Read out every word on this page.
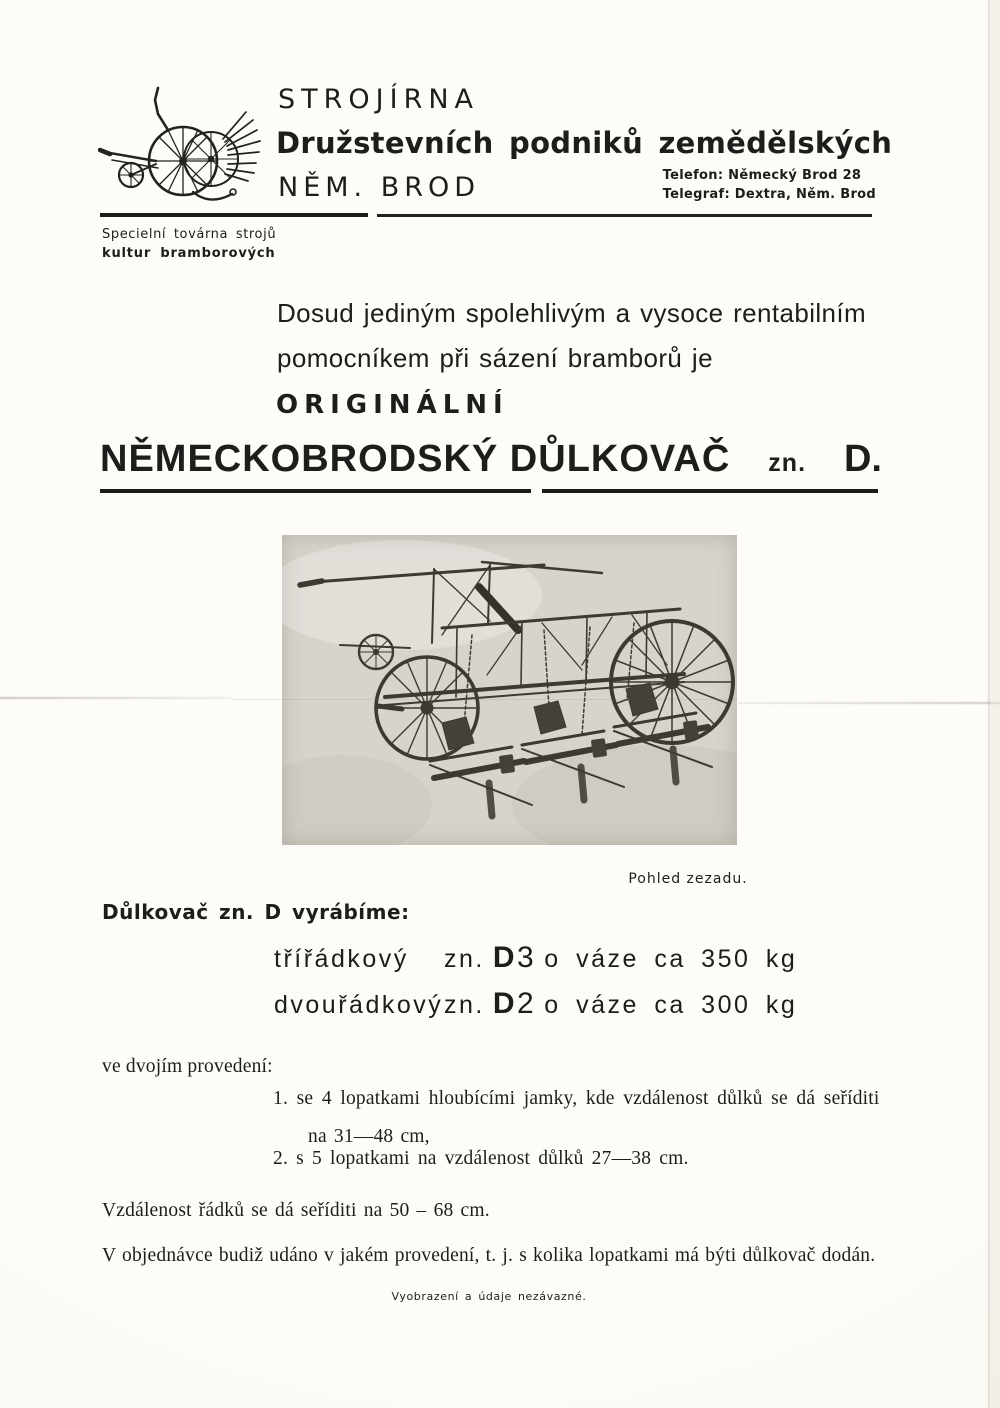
STROJÍRNA
Družstevních podniků zemědělských
NĚM. BROD	Telefon: Německý Brod 28
Telegraf: Dextra, Něm. Brod
Specielní továrna strojů
kultur bramborových
Dosud jediným spolehlivým a vysoce rentabilním
pomocníkem při sázení bramborů je
ORIGINÁLNÍ
NĚMECKOBRODSKÝ DŮLKOVAČ zn. D.
Pohled zezadu.
Důlkovač zn. D vyrábíme:
třířádkový	zn. D 3 o váze ca 350 kg
dvouřádkový zn. D 2 o váze ca 300 kg
ve dvojím provedení:
1. se 4 lopatkami hloubícími jamky, kde vzdálenost důlků se dá seříditi
na 31—48 cm,
2. s 5 lopatkami na vzdálenost důlků 27—38 cm.
Vzdálenost řádků se dá seříditi na 50 – 68 cm.
V objednávce budiž udáno v jakém provedení, t. j. s kolika lopatkami má býti důlkovač dodán.
Vyobrazení a údaje nezávazné.
